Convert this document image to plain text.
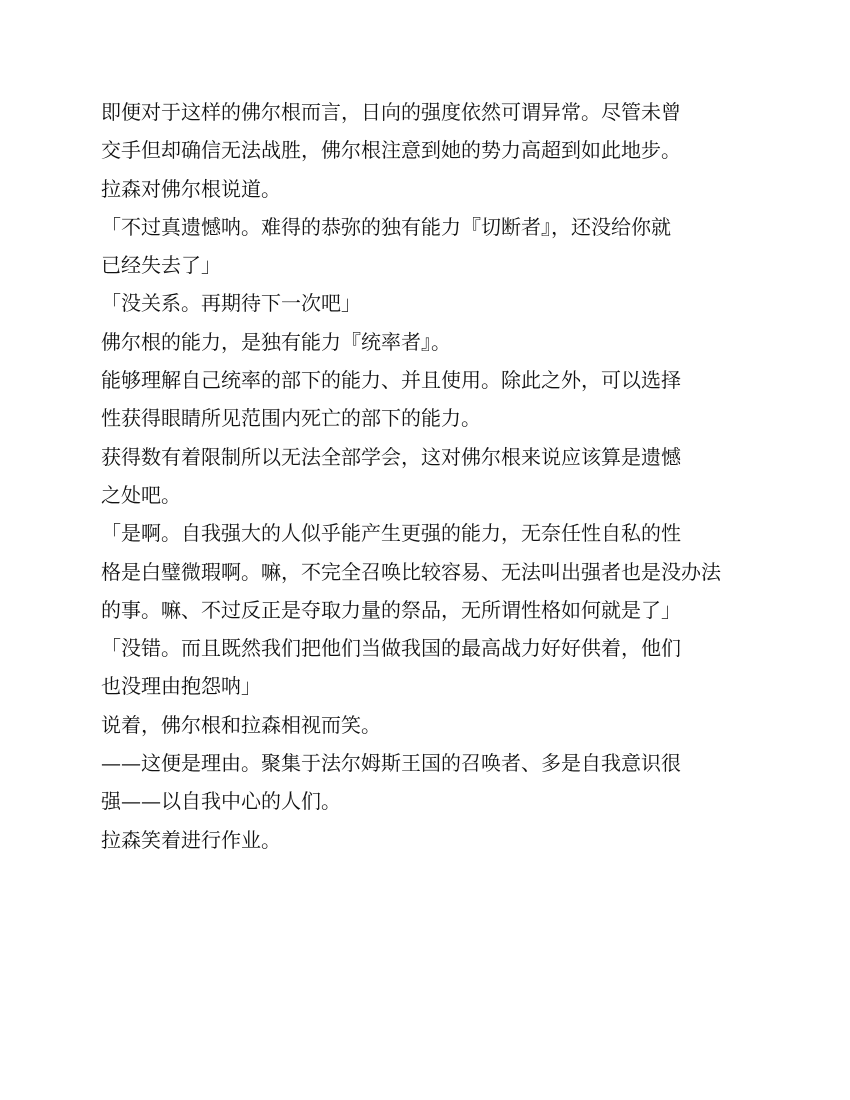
即便对于这样的佛尔根而言，日向的强度依然可谓异常。尽管未曾
交手但却确信无法战胜，佛尔根注意到她的势力高超到如此地步。
拉森对佛尔根说道。
「不过真遗憾呐。难得的恭弥的独有能力『切断者』，还没给你就
已经失去了」
「没关系。再期待下一次吧」
佛尔根的能力，是独有能力『统率者』。
能够理解自己统率的部下的能力、并且使用。除此之外，可以选择
性获得眼睛所见范围内死亡的部下的能力。
获得数有着限制所以无法全部学会，这对佛尔根来说应该算是遗憾
之处吧。
「是啊。自我强大的人似乎能产生更强的能力，无奈任性自私的性
格是白璧微瑕啊。嘛，不完全召唤比较容易、无法叫出强者也是没办法
的事。嘛、不过反正是夺取力量的祭品，无所谓性格如何就是了」
「没错。而且既然我们把他们当做我国的最高战力好好供着，他们
也没理由抱怨呐」
说着，佛尔根和拉森相视而笑。
——这便是理由。聚集于法尔姆斯王国的召唤者、多是自我意识很
强——以自我中心的人们。
拉森笑着进行作业。
